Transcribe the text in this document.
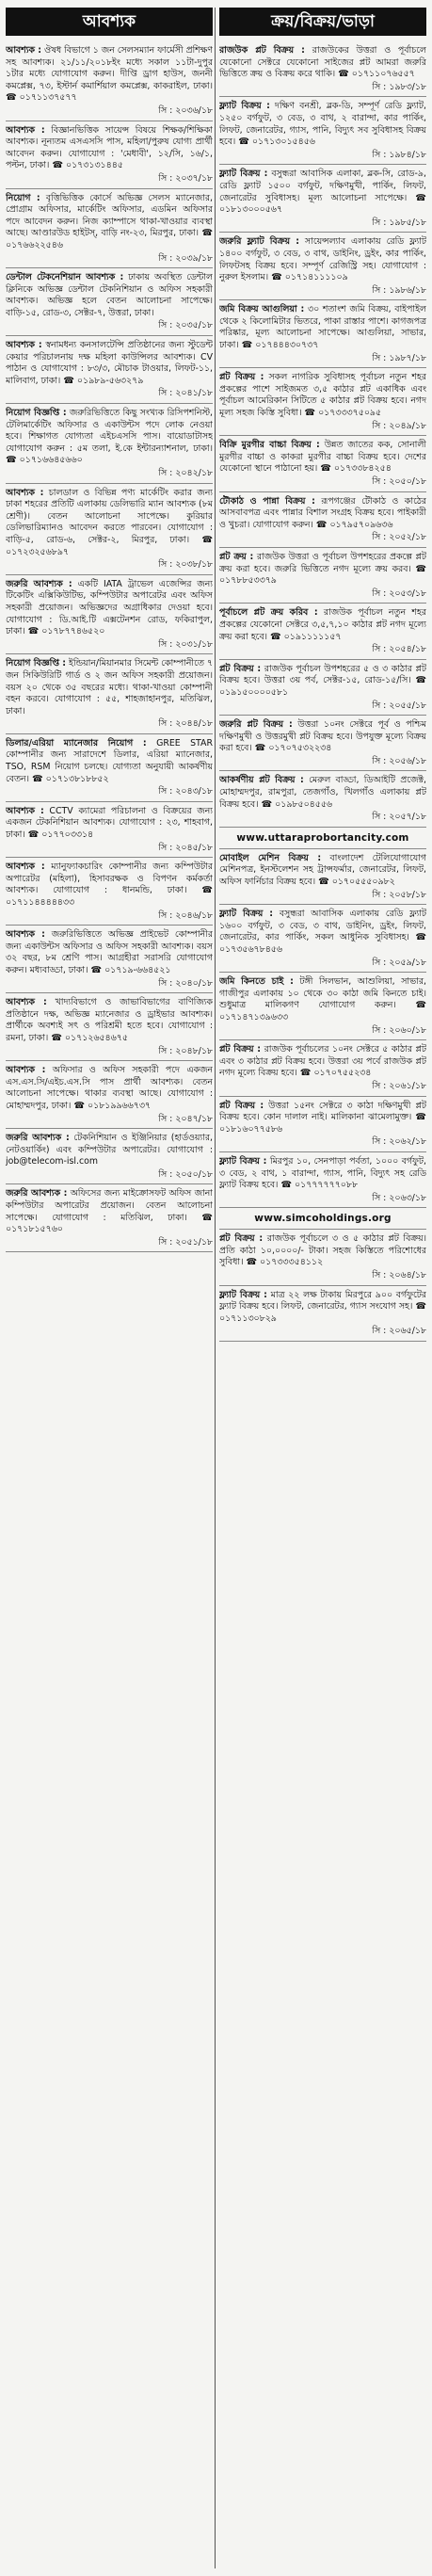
আবশ্যক

আবশ্যক : ঔষধ বিভাগে ১ জন সেলসম্যান ফার্মেসী প্রশিক্ষণ সহ আবশ্যক। ২১/১১/২০১৮ইং মধ্যে সকাল ১১টা-দুপুর ১টার মধ্যে যোগাযোগ করুন। দীপ্তি ড্রাগ হাউস, জননী কমপ্লেক্স, ৭৩, ইস্টার্ন কমার্শিয়াল কমপ্লেক্স, কাকরাইল, ঢাকা। ☎ ০১৭১১৩৭৫৭৭

সি : ২০৩৬/১৮

আবশ্যক : বিজ্ঞানভিত্তিক সায়েন্স বিষয়ে শিক্ষক/শিক্ষিকা আবশ্যক। নূন্যতম এসএসসি পাস, মহিলা/পুরুষ যোগ্য প্রার্থী আবেদন করুন। যোগাযোগ : 'মেধাবী', ১২/সি, ১৬/১, পল্টন, ঢাকা। ☎ ০১৭৩১৩১৪৪৫

সি : ২০৩৭/১৮

নিয়োগ : বৃত্তিভিত্তিক কোর্সে অভিজ্ঞ সেলস ম্যানেজার, প্রোগ্রাম অফিসার, মার্কেটিং অফিসার, এডমিন অফিসার পদে আবেদন করুন। নিজ ক্যাম্পাসে থাকা-খাওয়ার ব্যবস্থা আছে। আণ্ডারউড হাইটস্, বাড়ি নং-২৩, মিরপুর, ঢাকা। ☎ ০১৭৬৬২২৫৪৬

সি : ২০৩৯/১৮

ডেন্টাল টেকনেশিয়ান আবশ্যক : ঢাকায় অবস্থিত ডেন্টাল ক্লিনিকে অভিজ্ঞ ডেন্টাল টেকনিশিয়ান ও অফিস সহকারী আবশ্যক। অভিজ্ঞ হলে বেতন আলোচনা সাপেক্ষে। বাড়ি-১৫, রোড-৩, সেক্টর-৭, উত্তরা, ঢাকা।

সি : ২০৩৫/১৮

আবশ্যক : স্বনামধন্য কনসালটেন্সি প্রতিষ্ঠানের জন্য স্টুডেন্ট কেয়ার পরিচালনায় দক্ষ মহিলা কাউন্সিলর আবশ্যক। CV পাঠান ও যোগাযোগ : ৮৩/৩, মৌচাক টাওয়ার, লিফট-১১, মালিবাগ, ঢাকা। ☎ ০১৯৮৯-৫৬৩২৭৯

সি : ২০৪১/১৮

নিয়োগ বিজ্ঞপ্তি : জরুরিভিত্তিতে কিছু সংখ্যক রিসিপশনিস্ট, টেলিমার্কেটিং অফিসার ও একাউন্টস পদে লোক নেওয়া হবে। শিক্ষাগত যোগ্যতা এইচএসসি পাস। বায়োডাটাসহ যোগাযোগ করুন : ৫ম তলা, ই.কে ইন্টারন্যাশনাল, ঢাকা। ☎ ০১৭১৬৬৪৫৬৬০

সি : ২০৪২/১৮

আবশ্যক : চালডাল ও বিভিন্ন পণ্য মার্কেটিং করার জন্য ঢাকা শহরের প্রতিটি এলাকায় ডেলিভারি ম্যান আবশ্যক (৮ম শ্রেণী)। বেতন আলোচনা সাপেক্ষে। কুরিয়ার ডেলিভারিম্যানও আবেদন করতে পারবেন। যোগাযোগ : বাড়ি-৫, রোড-৬, সেক্টর-২, মিরপুর, ঢাকা। ☎ ০১৭২৩২৫৬৮৯৭

সি : ২০৩৮/১৮

জরুরি আবশ্যক : একটি IATA ট্রাভেল এজেন্সির জন্য টিকেটিং এক্সিকিউটিভ, কম্পিউটার অপারেটর এবং অফিস সহকারী প্রয়োজন। অভিজ্ঞদের অগ্রাধিকার দেওয়া হবে। যোগাযোগ : ডি.আই.টি এক্সটেনশন রোড, ফকিরাপুল, ঢাকা। ☎ ০১৭৮৭৭৪৬৫২০

সি : ২০৩১/১৮

নিয়োগ বিজ্ঞপ্তি : ইন্ডিয়ান/মিয়ানমার সিমেন্ট কোম্পানীতে ৭ জন সিকিউরিটি গার্ড ও ২ জন অফিস সহকারী প্রয়োজন। বয়স ২০ থেকে ৩৫ বছরের মধ্যে। থাকা-খাওয়া কোম্পানী বহন করবে। যোগাযোগ : ৫৫, শাহজাহানপুর, মতিঝিল, ঢাকা।

সি : ২০৪৪/১৮

ডিলার/এরিয়া ম্যানেজার নিয়োগ : GREE STAR কোম্পানীর জন্য সারাদেশে ডিলার, এরিয়া ম্যানেজার, TSO, RSM নিয়োগ চলছে। যোগ্যতা অনুযায়ী আকর্ষণীয় বেতন। ☎ ০১৭১৩৮১৮৮৫২

সি : ২০৪৩/১৮

আবশ্যক : CCTV ক্যামেরা পরিচালনা ও বিক্রয়ের জন্য একজন টেকনিশিয়ান আবশ্যক। যোগাযোগ : ২৩, শাহবাগ, ঢাকা। ☎ ০১৭৭০৩৩১৪

সি : ২০৪৫/১৮

আবশ্যক : ম্যানুফ্যাকচারিং কোম্পানীর জন্য কম্পিউটার অপারেটর (মহিলা), হিসাবরক্ষক ও বিপণন কর্মকর্তা আবশ্যক। যোগাযোগ : ধানমন্ডি, ঢাকা। ☎ ০১৭১১৪৪৪৪৪৩৩

সি : ২০৪৬/১৮

আবশ্যক : জরুরিভিত্তিতে অভিজ্ঞ প্রাইভেট কোম্পানীর জন্য একাউন্টস অফিসার ও অফিস সহকারী আবশ্যক। বয়স ৩২ বছর, ৮ম শ্রেণি পাস। আগ্রহীরা সরাসরি যোগাযোগ করুন। মধ্যবাড্ডা, ঢাকা। ☎ ০১৭১৯-৬৬৪৫২১

সি : ২০৪০/১৮

আবশ্যক : খাদ্যবিভাগে ও জাভাবিভাগের বাণিজ্যিক প্রতিষ্ঠানে দক্ষ, অভিজ্ঞ ম্যানেজার ও ড্রাইভার আবশ্যক। প্রার্থীকে অবশ্যই সৎ ও পরিশ্রমী হতে হবে। যোগাযোগ : রমনা, ঢাকা। ☎ ০১৭১২৬৫৪৬৭৫

সি : ২০৪৮/১৮

আবশ্যক : অফিসার ও অফিস সহকারী পদে একজন এস.এস.সি/এইচ.এস.সি পাস প্রার্থী আবশ্যক। বেতন আলোচনা সাপেক্ষে। থাকার ব্যবস্থা আছে। যোগাযোগ : মোহাম্মদপুর, ঢাকা। ☎ ০১৮১৯৯৬৬৭৩৭

সি : ২০৪৭/১৮

জরুরি আবশ্যক : টেকনিশিয়ান ও ইঞ্জিনিয়ার (হার্ডওয়্যার, নেটওয়ার্কিং) এবং কম্পিউটার অপারেটর। যোগাযোগ : job@telecom-isl.com

সি : ২০৫০/১৮

জরুরি আবশ্যক : অফিসের জন্য মাইক্রোসফট অফিস জানা কম্পিউটার অপারেটর প্রয়োজন। বেতন আলোচনা সাপেক্ষে। যোগাযোগ : মতিঝিল, ঢাকা। ☎ ০১৭১৮১৫৭৬০

সি : ২০৫১/১৮
ক্রয়/বিক্রয়/ভাড়া

রাজউক প্লট বিক্রয় : রাজউকের উত্তরা ও পূর্বাচলে যেকোনো সেক্টরে যেকোনো সাইজের প্লট আমরা জরুরি ভিত্তিতে ক্রয় ও বিক্রয় করে থাকি। ☎ ০১৭১১০৭৬৫৫৭

সি : ১৯৮৩/১৮

ফ্ল্যাট বিক্রয় : দক্ষিণ বনশ্রী, ব্লক-ডি, সম্পূর্ণ রেডি ফ্ল্যাট, ১২৫০ বর্গফুট, ৩ বেড, ৩ বাথ, ২ বারান্দা, কার পার্কিং, লিফট, জেনারেটর, গ্যাস, পানি, বিদ্যুৎ সব সুবিধাসহ বিক্রয় হবে। ☎ ০১৭১৩০১৫৪৫৬

সি : ১৯৮৪/১৮

ফ্ল্যাট বিক্রয় : বসুন্ধরা আবাসিক এলাকা, ব্লক-সি, রোড-৯, রেডি ফ্ল্যাট ১৫০০ বর্গফুট, দক্ষিণমুখী, পার্কিং, লিফট, জেনারেটর সুবিধাসহ। মূল্য আলোচনা সাপেক্ষে। ☎ ০১৮১৩০০০৫৬৭

সি : ১৯৮৫/১৮

জরুরি ফ্ল্যাট বিক্রয় : সায়েন্সল্যাব এলাকায় রেডি ফ্ল্যাট ১৪০০ বর্গফুট, ৩ বেড, ৩ বাথ, ডাইনিং, ড্রইং, কার পার্কিং, লিফটসহ বিক্রয় হবে। সম্পূর্ণ রেজিস্ট্রি সহ। যোগাযোগ : নুরুল ইসলাম। ☎ ০১৭১৪১১১১০৯

সি : ১৯৮৬/১৮

জমি বিক্রয় আগুলিয়া : ৩০ শতাংশ জমি বিক্রয়, বাইপাইল থেকে ২ কিলোমিটার ভিতরে, পাকা রাস্তার পাশে। কাগজপত্র পরিষ্কার, মূল্য আলোচনা সাপেক্ষে। আগুলিয়া, সাভার, ঢাকা। ☎ ০১৭৪৪৪৩০৭৩৭

সি : ১৯৮৭/১৮

প্লট বিক্রয় : সকল নাগরিক সুবিধাসহ পূর্বাচল নতুন শহর প্রকল্পের পাশে সাইজমত ৩,৫ কাঠার প্লট একাধিক এবং পূর্বাচল আমেরিকান সিটিতে ৫ কাঠার প্লট বিক্রয় হবে। নগদ মূল্য সহজ কিস্তি সুবিধা। ☎ ০১৭৩৩৩৭৫০৯৫

সি : ২০৪৯/১৮

বিক্রি মুরগীর বাচ্চা বিক্রয় : উন্নত জাতের কক, সোনালী মুরগীর বাচ্চা ও কাকরা মুরগীর বাচ্চা বিক্রয় হবে। দেশের যেকোনো স্থানে পাঠানো হয়। ☎ ০১৭৩৩৮৪২৫৪

সি : ২০৫০/১৮

টৌকাঠ ও পান্না বিক্রয় : রূপগঞ্জের টৌকাঠ ও কাঠের আসবাবপত্র এবং পান্নার বিশাল সংগ্রহ বিক্রয় হবে। পাইকারী ও খুচরা। যোগাযোগ করুন। ☎ ০১৭৯৫৭০৯৬৩৬

সি : ২০৫২/১৮

প্লট ক্রয় : রাজউক উত্তরা ও পূর্বাচল উপশহরের প্রকল্পে প্লট ক্রয় করা হবে। জরুরি ভিত্তিতে নগদ মূল্যে ক্রয় করব। ☎ ০১৭৮৮৫৩৩৭৯

সি : ২০৫৩/১৮

পূর্বাচলে প্লট ক্রয় করিব : রাজউক পূর্বাচল নতুন শহর প্রকল্পের যেকোনো সেক্টরে ৩,৫,৭,১০ কাঠার প্লট নগদ মূল্যে ক্রয় করা হবে। ☎ ০১৯১১১১১৫৭

সি : ২০৫৪/১৮

প্লট বিক্রয় : রাজউক পূর্বাচল উপশহরের ৫ ও ৩ কাঠার প্লট বিক্রয় হবে। উত্তরা ৩য় পর্ব, সেক্টর-১৫, রোড-১৫/সি। ☎ ০১৯১৫০০০০৫৮১

সি : ২০৫৫/১৮

জরুরি প্লট বিক্রয় : উত্তরা ১০নং সেক্টরে পূর্ব ও পশ্চিম দক্ষিণমুখী ও উত্তরমুখী প্লট বিক্রয় হবে। উপযুক্ত মূল্যে বিক্রয় করা হবে। ☎ ০১৭০৭৫৩২২৩৪

সি : ২০৫৬/১৮

আকর্ষণীয় প্লট বিক্রয় : মেরুল বাড্ডা, ডিআইটি প্রজেক্ট, মোহাম্মদপুর, রামপুরা, তেজগাঁও, খিলগাঁও এলাকায় প্লট বিক্রয় হবে। ☎ ০১৯৮৫০৪৫৫৬

সি : ২০৫৭/১৮
www.uttaraprobortancity.com

মোবাইল মেশিন বিক্রয় : বাংলাদেশ টেলিযোগাযোগ মেশিনপত্র, ইনস্টলেশন সহ ট্রান্সফর্মার, জেনারেটর, লিফট, অফিস ফার্নিচার বিক্রয় হবে। ☎ ০১৭০৫৫৫০৯৮২

সি : ২০৫৮/১৮

ফ্ল্যাট বিক্রয় : বসুন্ধরা আবাসিক এলাকায় রেডি ফ্ল্যাট ১৬০০ বর্গফুট, ৩ বেড, ৩ বাথ, ডাইনিং, ড্রইং, লিফট, জেনারেটর, কার পার্কিং, সকল আধুনিক সুবিধাসহ। ☎ ০১৭৩৫৬৭৮৪৫৬

সি : ২০৫৯/১৮

জমি কিনতে চাই : টঙ্গী সিলভান, আশুলিয়া, সাভার, গাজীপুর এলাকায় ১০ থেকে ৩০ কাঠা জমি কিনতে চাই। শুধুমাত্র মালিকগণ যোগাযোগ করুন। ☎ ০১৭১৪৭১৩৯৬৩৩

সি : ২০৬০/১৮

প্লট বিক্রয় : রাজউক পূর্বাচলের ১০নং সেক্টরে ৫ কাঠার প্লট এবং ৩ কাঠার প্লট বিক্রয় হবে। উত্তরা ৩য় পর্বে রাজউক প্লট নগদ মূল্যে বিক্রয় হবে। ☎ ০১৭০৭৫৫২৩৪

সি : ২০৬১/১৮

প্লট বিক্রয় : উত্তরা ১৫নং সেক্টরে ৩ কাঠা দক্ষিণমুখী প্লট বিক্রয় হবে। কোন দালাল নাই। মালিকানা ঝামেলামুক্ত। ☎ ০১৮১৬০৭৭৫৮৬

সি : ২০৬২/১৮

ফ্ল্যাট বিক্রয় : মিরপুর ১০, সেনপাড়া পর্বতা, ১০০০ বর্গফুট, ৩ বেড, ২ বাথ, ১ বারান্দা, গ্যাস, পানি, বিদ্যুৎ সহ রেডি ফ্ল্যাট বিক্রয় হবে। ☎ ০১৭৭৭৭৭৭০৮৮

সি : ২০৬৩/১৮
www.simcoholdings.org

প্লট বিক্রয় : রাজউক পূর্বাচলে ৩ ও ৫ কাঠার প্লট বিক্রয়। প্রতি কাঠা ১০,০০০০/- টাকা। সহজ কিস্তিতে পরিশোধের সুবিধা। ☎ ০১৭৩৩৩৫৪১১২

সি : ২০৬৪/১৮

ফ্ল্যাট বিক্রয় : মাত্র ২২ লক্ষ টাকায় মিরপুরে ৯০০ বর্গফুটের ফ্ল্যাট বিক্রয় হবে। লিফট, জেনারেটর, গ্যাস সংযোগ সহ। ☎ ০১৭১১৩০৮২৯

সি : ২০৬৫/১৮
